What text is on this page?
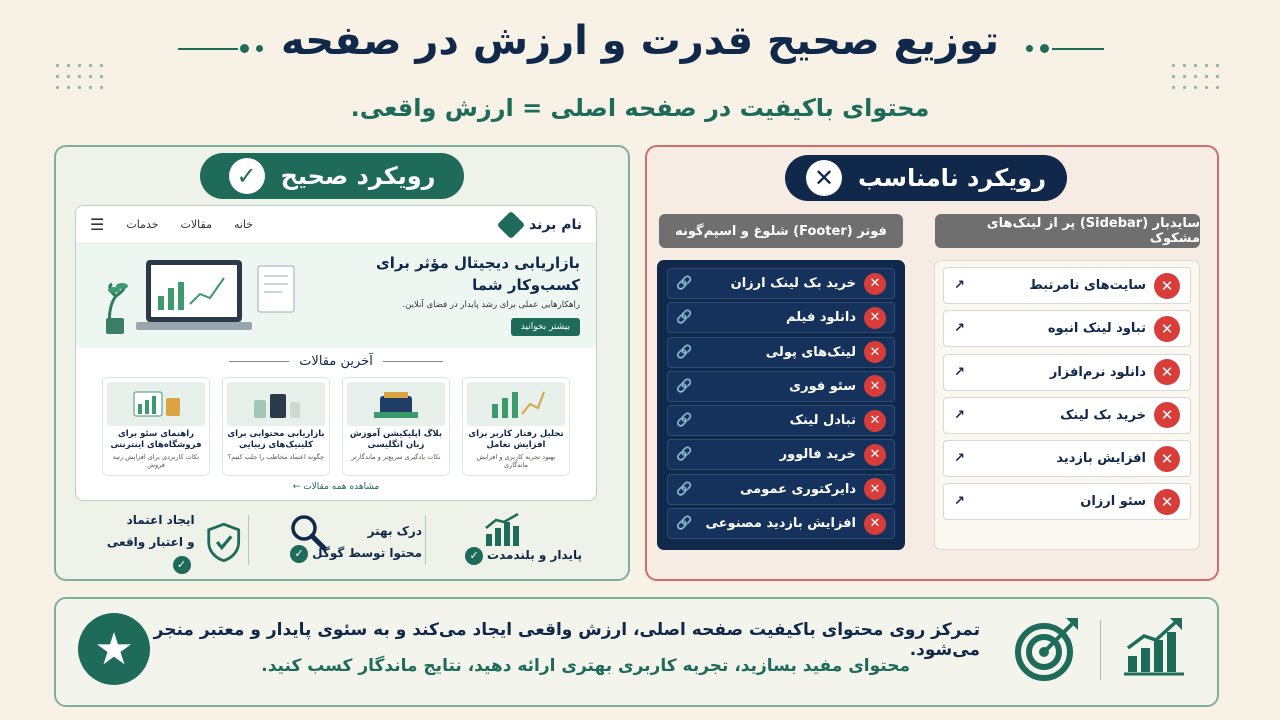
توزیع صحیح قدرت و ارزش در صفحه
محتوای باکیفیت در صفحه اصلی = ارزش واقعی.
رویکرد صحیح
✓
نام برند
خانه
مقالات
خدمات
☰
بازاریابی دیجیتال مؤثر برای کسب‌وکار شما
راهکارهایی عملی برای رشد پایدار در فضای آنلاین.
بیشتر بخوانید
آخرین مقالات
تحلیل رفتار کاربر برای افزایش تعامل
بهبود تجربه کاربری و افزایش ماندگاری
بلاگ اپلیکیشن آموزش زبان انگلیسی
نکات یادگیری سریع‌تر و ماندگارتر
بازاریابی محتوایی برای کلینیک‌های زیبایی
چگونه اعتماد مخاطب را جلب کنیم؟
راهنمای سئو برای فروشگاه‌های اینترنتی
نکات کاربردی برای افزایش رتبه فروش
مشاهده همه مقالات ←
ایجاد اعتماد
و اعتبار واقعی✓
درک بهتر
محتوا توسط گوگل✓	پایدار و بلندمدت✓
رویکرد نامناسب
✕
فوتر (Footer) شلوغ و اسپم‌گونه	سایدبار (Sidebar) پر از لینک‌های مشکوک
✕
خرید بک لینک ارزان
🔗
✕
دانلود فیلم
🔗
✕
لینک‌های پولی
🔗
✕
سئو فوری
🔗
✕
تبادل لینک
🔗
✕
خرید فالوور
🔗
✕
دایرکتوری عمومی
🔗
✕
افزایش بازدید مصنوعی
🔗
✕
سایت‌های نامرتبط
↗
✕
تباود لینک انبوه
↗
✕
دانلود نرم‌افزار
↗
✕
خرید بک لینک
↗
✕
افزایش بازدید
↗
✕
سئو ارزان
↗
★	تمرکز روی محتوای باکیفیت صفحه اصلی، ارزش واقعی ایجاد می‌کند و به سئوی پایدار و معتبر منجر می‌شود.
محتوای مفید بسازید، تجربه کاربری بهتری ارائه دهید، نتایج ماندگار کسب کنید.
